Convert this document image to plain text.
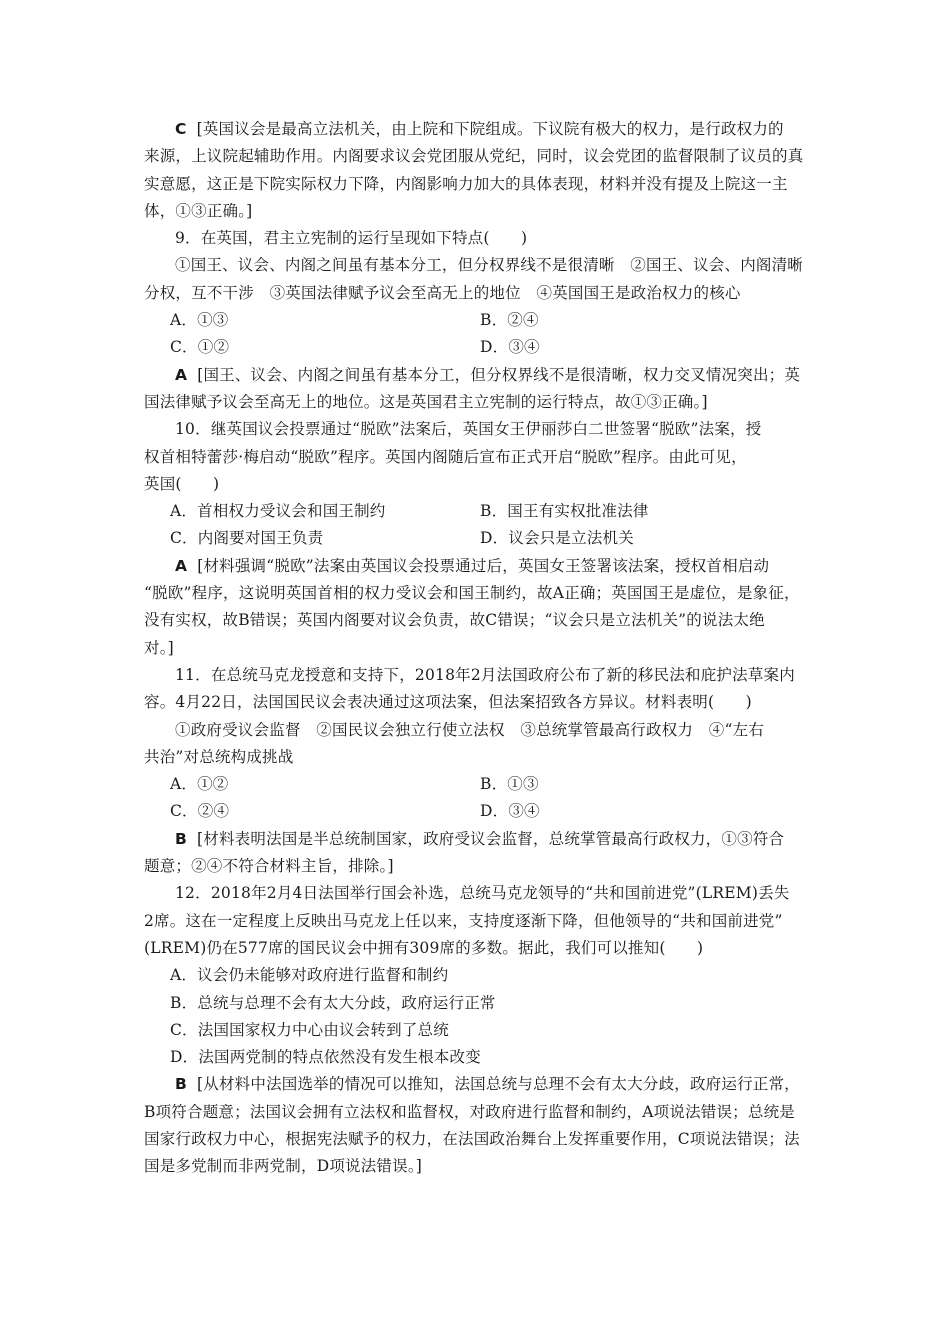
C [英国议会是最高立法机关，由上院和下院组成。下议院有极大的权力，是行政权力的
来源，上议院起辅助作用。内阁要求议会党团服从党纪，同时，议会党团的监督限制了议员的真
实意愿，这正是下院实际权力下降，内阁影响力加大的具体表现，材料并没有提及上院这一主
体，①③正确。]
9．在英国，君主立宪制的运行呈现如下特点(　　)
①国王、议会、内阁之间虽有基本分工，但分权界线不是很清晰　②国王、议会、内阁清晰
分权，互不干涉　③英国法律赋予议会至高无上的地位　④英国国王是政治权力的核心
A．①③	B．②④
C．①②	D．③④
A [国王、议会、内阁之间虽有基本分工，但分权界线不是很清晰，权力交叉情况突出；英
国法律赋予议会至高无上的地位。这是英国君主立宪制的运行特点，故①③正确。]
10．继英国议会投票通过“脱欧”法案后，英国女王伊丽莎白二世签署“脱欧”法案，授
权首相特蕾莎·梅启动“脱欧”程序。英国内阁随后宣布正式开启“脱欧”程序。由此可见，
英国(　　)
A．首相权力受议会和国王制约	B．国王有实权批准法律
C．内阁要对国王负责	D．议会只是立法机关
A [材料强调“脱欧”法案由英国议会投票通过后，英国女王签署该法案，授权首相启动
“脱欧”程序，这说明英国首相的权力受议会和国王制约，故A正确；英国国王是虚位，是象征，
没有实权，故B错误；英国内阁要对议会负责，故C错误；“议会只是立法机关”的说法太绝
对。]
11．在总统马克龙授意和支持下，2018年2月法国政府公布了新的移民法和庇护法草案内
容。4月22日，法国国民议会表决通过这项法案，但法案招致各方异议。材料表明(　　)
①政府受议会监督　②国民议会独立行使立法权　③总统掌管最高行政权力　④“左右
共治”对总统构成挑战
A．①②	B．①③
C．②④	D．③④
B [材料表明法国是半总统制国家，政府受议会监督，总统掌管最高行政权力，①③符合
题意；②④不符合材料主旨，排除。]
12．2018年2月4日法国举行国会补选，总统马克龙领导的“共和国前进党”(LREM)丢失
2席。这在一定程度上反映出马克龙上任以来，支持度逐渐下降，但他领导的“共和国前进党”
(LREM)仍在577席的国民议会中拥有309席的多数。据此，我们可以推知(　　)
A．议会仍未能够对政府进行监督和制约
B．总统与总理不会有太大分歧，政府运行正常
C．法国国家权力中心由议会转到了总统
D．法国两党制的特点依然没有发生根本改变
B [从材料中法国选举的情况可以推知，法国总统与总理不会有太大分歧，政府运行正常，
B项符合题意；法国议会拥有立法权和监督权，对政府进行监督和制约，A项说法错误；总统是
国家行政权力中心，根据宪法赋予的权力，在法国政治舞台上发挥重要作用，C项说法错误；法
国是多党制而非两党制，D项说法错误。]
